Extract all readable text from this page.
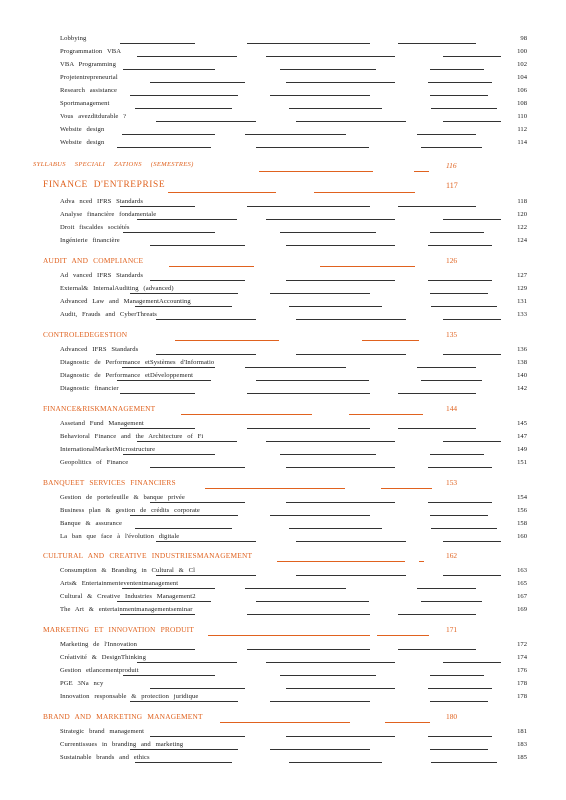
Lobbying	98
Programmation VBA	100
VBA Programming	102
Projetentrepreneurial	104
Research assistance	106
Sportmanagement	108
Vous avezditdurable ?	110
Website design	112
Website design	114
SYLLABUS SPECIALI ZATIONS (SEMESTRES)	116
FINANCE D'ENTREPRISE	117
Adva nced IFRS Standards	118
Analyse financière fondamentale	120
Droit fiscaldes sociétés	122
Ingénierie financière	124
AUDIT AND COMPLIANCE	126
Ad vanced IFRS Standards	127
External& InternalAuditing (advanced)	129
Advanced Law and ManagementAccounting	131
Audit, Frauds and CyberThreats	133
CONTROLEDEGESTION	135
Advanced IFRS Standards	136
Diagnostic de Performance etSystèmes d'Informatio	138
Diagnostic de Performance etDéveloppement	140
Diagnostic financier	142
FINANCE&RISKMANAGEMENT	144
Assetand Fund Management	145
Behavioral Finance and the Architecture of Fi	147
InternationalMarketMicrostructure	149
Geopolitics of Finance	151
BANQUEET SERVICES FINANCIERS	153
Gestion de portefeuille & banque privée	154
Business plan & gestion de crédits corporate	156
Banque & assurance	158
La ban que face à l'évolution digitale	160
CULTURAL AND CREATIVE INDUSTRIESMANAGEMENT	162
Consumption & Branding in Cultural & Cl	163
Arts& Entertainmentevententmanagement	165
Cultural & Creative Industries Management2	167
The Art & entertainmentmanagementseminar	169
MARKETING ET INNOVATION PRODUIT	171
Marketing de l'Innovation	172
Créativité & DesignThinking	174
Gestion etlancementproduit	176
PGE 3Na ncy	178
Innovation responsable & protection juridique	178
BRAND AND MARKETING MANAGEMENT	180
Strategic brand management	181
Currentissues in branding and marketing	183
Sustainable brands and ethics	185
